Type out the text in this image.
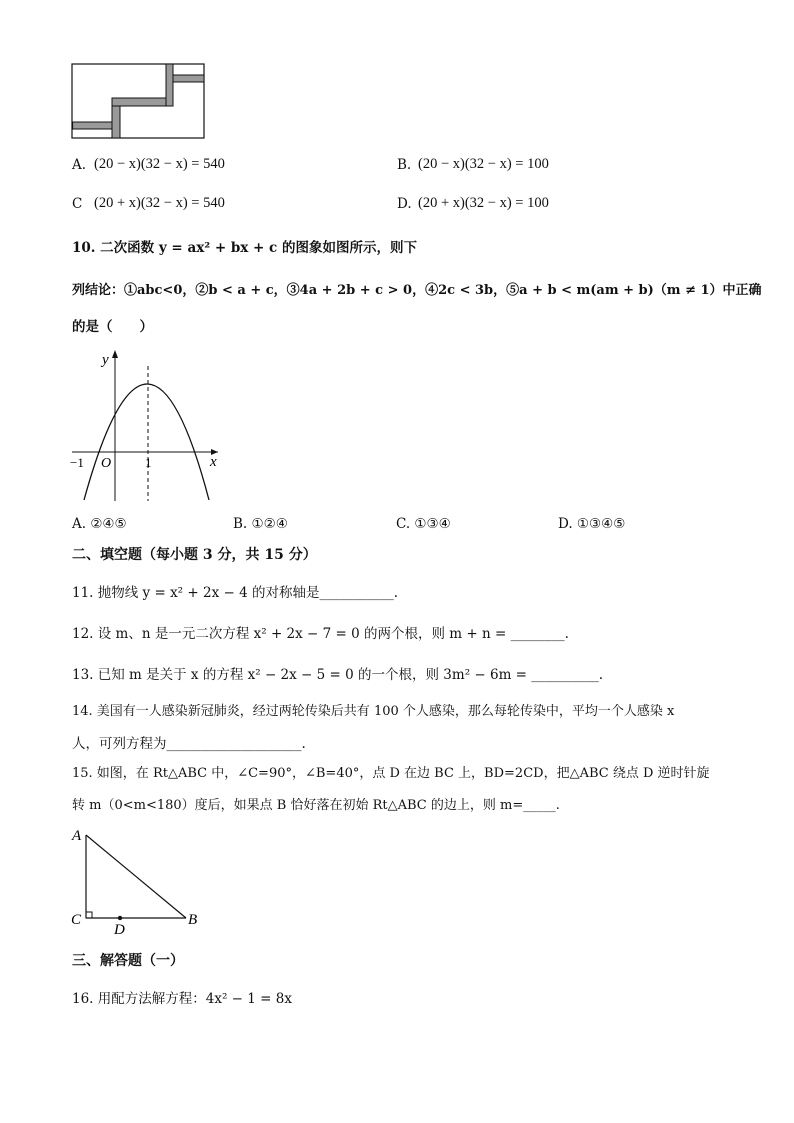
A. (20 − x)(32 − x) = 540	B. (20 − x)(32 − x) = 100
C (20 + x)(32 − x) = 540	D. (20 + x)(32 − x) = 100
10. 二次函数 y = ax² + bx + c 的图象如图所示，则下
列结论：①abc<0，②b < a + c，③4a + 2b + c > 0，④2c < 3b，⑤a + b < m(am + b)（m ≠ 1）中正确
的是（　　）
y
x
−1 O	1
A. ②④⑤	B. ①②④	C. ①③④	D. ①③④⑤
二、填空题（每小题 3 分，共 15 分）
11. 抛物线 y = x² + 2x − 4 的对称轴是___________.
12. 设 m、n 是一元二次方程 x² + 2x − 7 = 0 的两个根，则 m + n = ________.
13. 已知 m 是关于 x 的方程 x² − 2x − 5 = 0 的一个根，则 3m² − 6m = __________.
14. 美国有一人感染新冠肺炎，经过两轮传染后共有 100 个人感染，那么每轮传染中，平均一个人感染 x
人，可列方程为____________________.
15. 如图，在 Rt△ABC 中，∠C=90°，∠B=40°，点 D 在边 BC 上，BD=2CD，把△ABC 绕点 D 逆时针旋
转 m（0<m<180）度后，如果点 B 恰好落在初始 Rt△ABC 的边上，则 m=_____.
A
C	B
D
三、解答题（一）
16. 用配方法解方程：4x² − 1 = 8x
